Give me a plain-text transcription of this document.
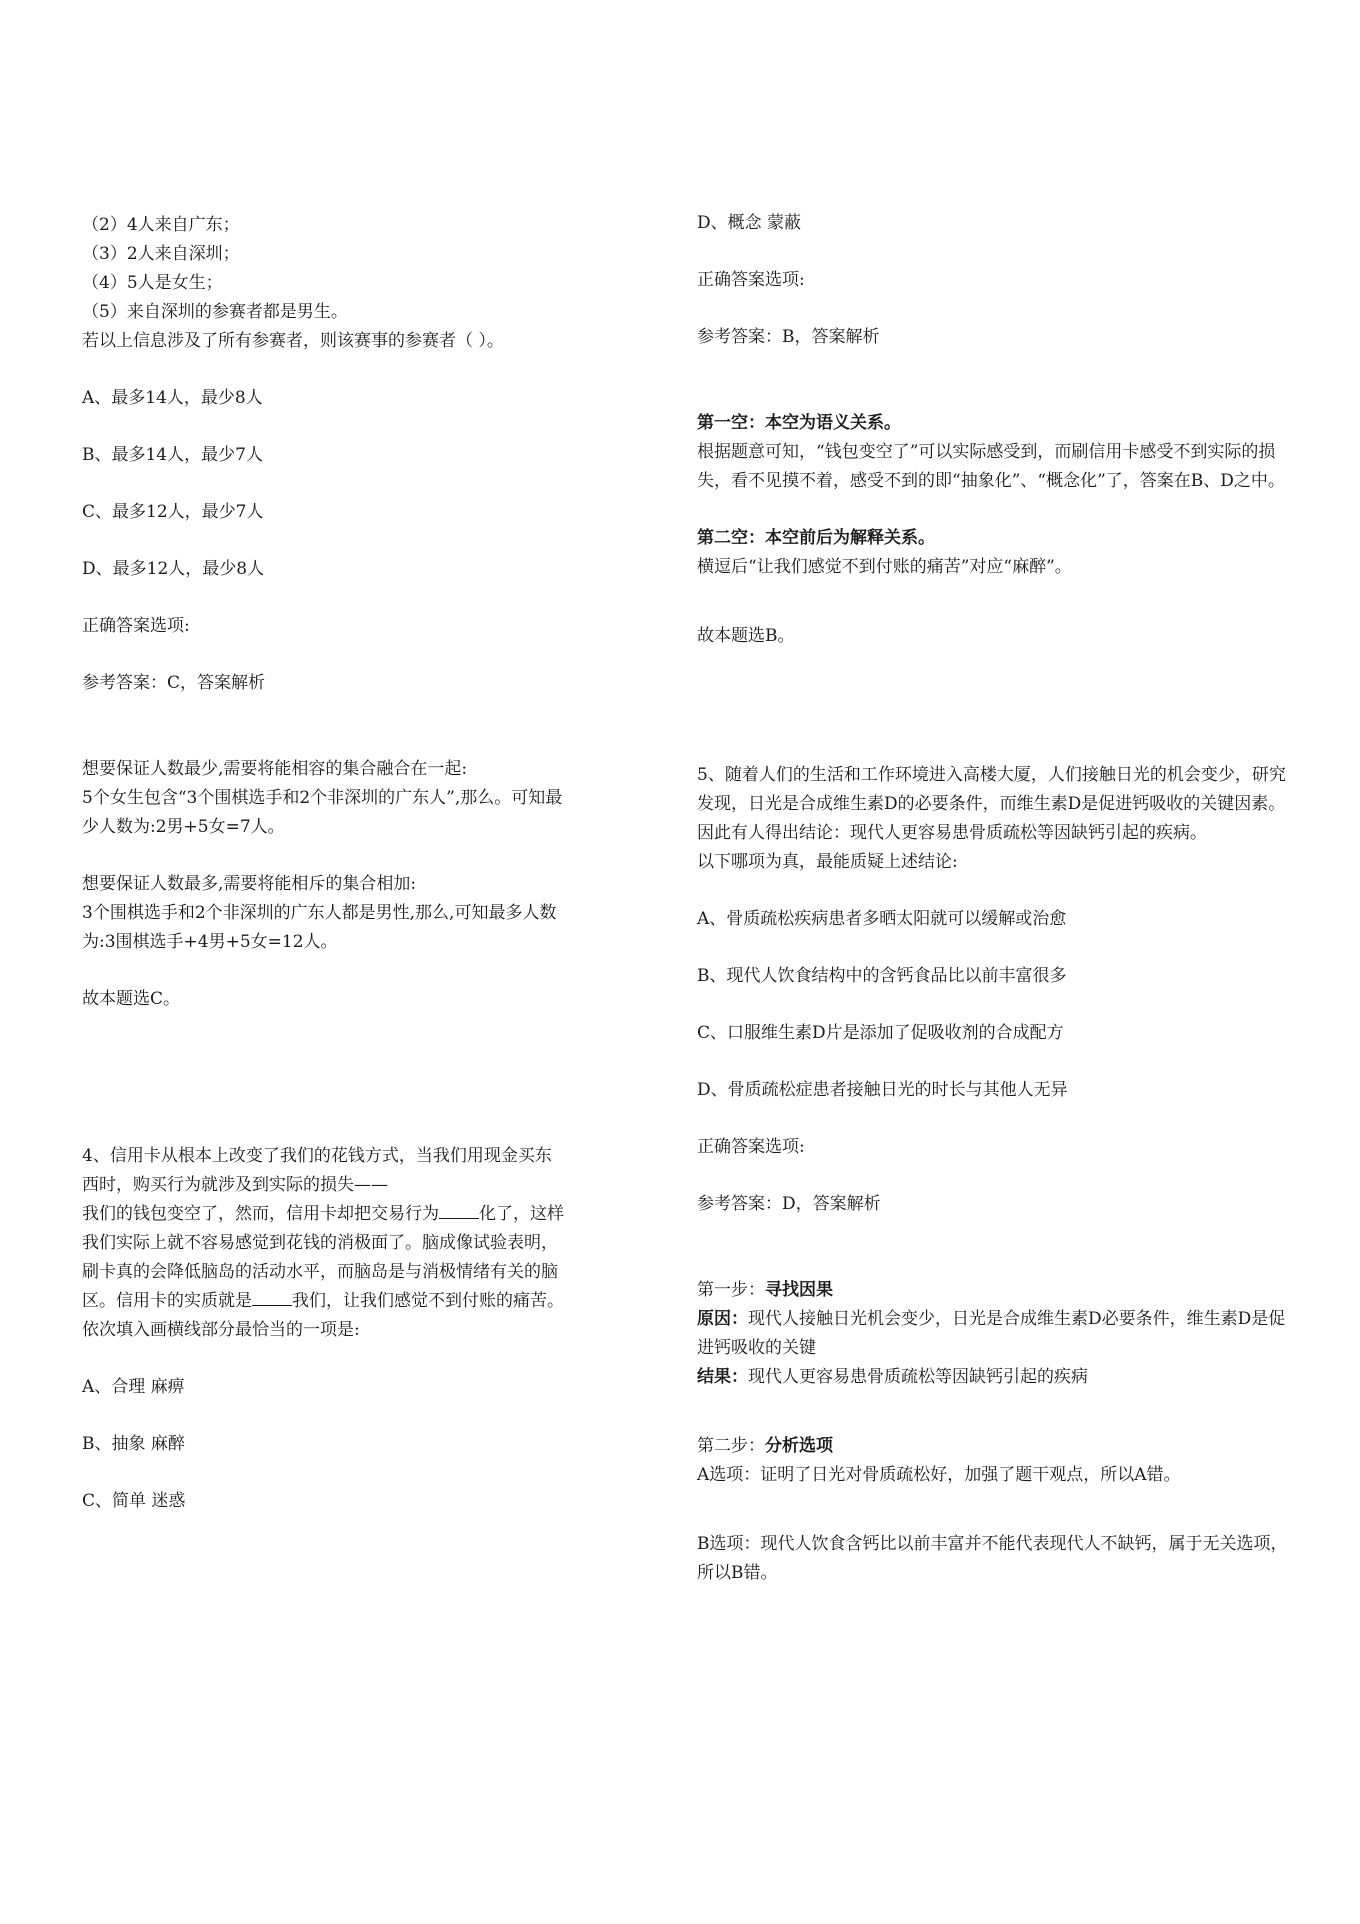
（2）4人来自广东；

（3）2人来自深圳；

（4）5人是女生；

（5）来自深圳的参赛者都是男生。

若以上信息涉及了所有参赛者，则该赛事的参赛者（ ）。

A、最多14人，最少8人

B、最多14人，最少7人

C、最多12人，最少7人

D、最多12人，最少8人

正确答案选项:

参考答案：C，答案解析

想要保证人数最少,需要将能相容的集合融合在一起:

5个女生包含“3个围棋选手和2个非深圳的广东人”,那么。可知最少人数为:2男+5女=7人。

想要保证人数最多,需要将能相斥的集合相加:

3个围棋选手和2个非深圳的广东人都是男性,那么,可知最多人数为:3围棋选手+4男+5女=12人。

故本题选C。

4、信用卡从根本上改变了我们的花钱方式，当我们用现金买东西时，购买行为就涉及到实际的损失——

我们的钱包变空了，然而，信用卡却把交易行为 化了，这样我们实际上就不容易感觉到花钱的消极面了。脑成像试验表明，刷卡真的会降低脑岛的活动水平，而脑岛是与消极情绪有关的脑区。信用卡的实质就是 我们，让我们感觉不到付账的痛苦。

依次填入画横线部分最恰当的一项是:

A、合理 麻痹

B、抽象 麻醉

C、简单 迷惑

D、概念 蒙蔽

正确答案选项:

参考答案：B，答案解析

第一空：本空为语义关系。

根据题意可知，“钱包变空了”可以实际感受到，而刷信用卡感受不到实际的损失，看不见摸不着，感受不到的即“抽象化”、“概念化”了，答案在B、D之中。

第二空：本空前后为解释关系。

横逗后“让我们感觉不到付账的痛苦”对应“麻醉”。

故本题选B。

5、随着人们的生活和工作环境进入高楼大厦，人们接触日光的机会变少，研究发现，日光是合成维生素D的必要条件，而维生素D是促进钙吸收的关键因素。因此有人得出结论：现代人更容易患骨质疏松等因缺钙引起的疾病。

以下哪项为真，最能质疑上述结论:

A、骨质疏松疾病患者多晒太阳就可以缓解或治愈

B、现代人饮食结构中的含钙食品比以前丰富很多

C、口服维生素D片是添加了促吸收剂的合成配方

D、骨质疏松症患者接触日光的时长与其他人无异

正确答案选项:

参考答案：D，答案解析

第一步：寻找因果

原因：现代人接触日光机会变少，日光是合成维生素D必要条件，维生素D是促进钙吸收的关键

结果：现代人更容易患骨质疏松等因缺钙引起的疾病

第二步：分析选项

A选项：证明了日光对骨质疏松好，加强了题干观点，所以A错。

B选项：现代人饮食含钙比以前丰富并不能代表现代人不缺钙，属于无关选项，所以B错。
